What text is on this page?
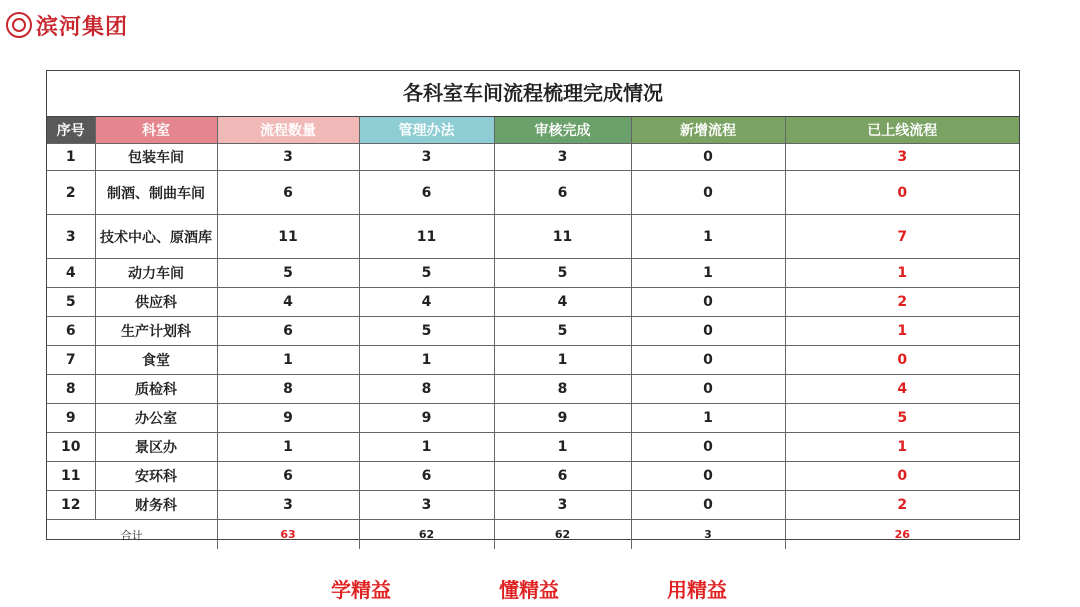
滨河集团
各科室车间流程梳理完成情况
序号	科室	流程数量	管理办法	审核完成	新增流程	已上线流程
1	包装车间	3	3	3	0	3
2	制酒、制曲车间	6	6	6	0	0
3	技术中心、原酒库	11	11	11	1	7
4	动力车间	5	5	5	1	1
5	供应科	4	4	4	0	2
6	生产计划科	6	5	5	0	1
7	食堂	1	1	1	0	0
8	质检科	8	8	8	0	4
9	办公室	9	9	9	1	5
10	景区办	1	1	1	0	1
11	安环科	6	6	6	0	0
12	财务科	3	3	3	0	2
合计		63	62	62	3	26
学精益	懂精益	用精益
